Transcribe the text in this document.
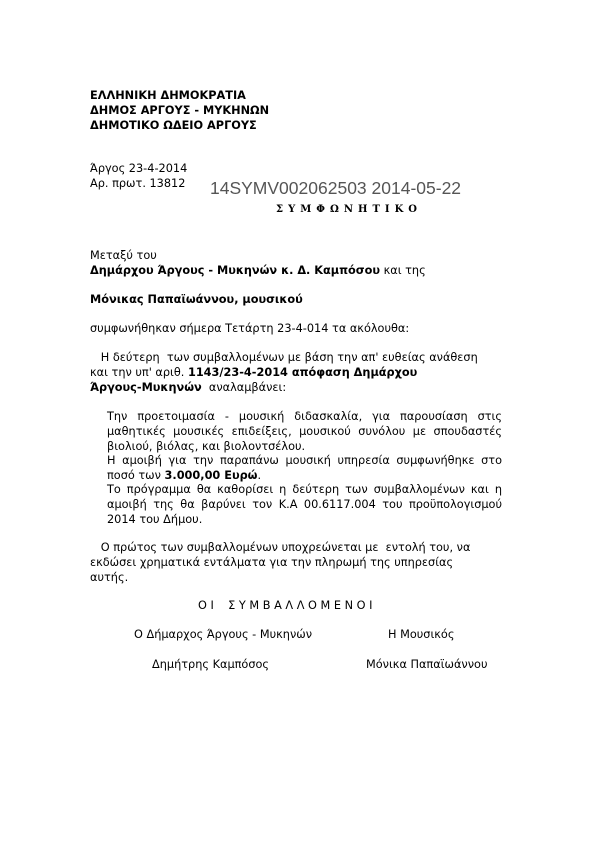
ΕΛΛΗΝΙΚΗ ΔΗΜΟΚΡΑΤΙΑ
ΔΗΜΟΣ ΑΡΓΟΥΣ - ΜΥΚΗΝΩΝ
ΔΗΜΟΤΙΚΟ ΩΔΕΙΟ ΑΡΓΟΥΣ
Άργος 23-4-2014
Αρ. πρωτ. 13812 14SYMV002062503 2014-05-22
ΣΥΜΦΩΝΗΤΙΚΟ
Μεταξύ του
Δημάρχου Άργους - Μυκηνών κ. Δ. Καμπόσου και της
Μόνικας Παπαϊωάννου, μουσικού
συμφωνήθηκαν σήμερα Τετάρτη 23-4-014 τα ακόλουθα:
Η δεύτερη  των συμβαλλομένων με βάση την απ' ευθείας ανάθεση
και την υπ' αριθ. 1143/23-4-2014 απόφαση Δημάρχου
Άργους-Μυκηνών  αναλαμβάνει:
Την προετοιμασία - μουσική διδασκαλία, για παρουσίαση στις μαθητικές μουσικές επιδείξεις, μουσικού συνόλου με σπουδαστές βιολιού, βιόλας, και βιολοντσέλου.
Η αμοιβή για την παραπάνω μουσική υπηρεσία συμφωνήθηκε στο ποσό των 3.000,00 Ευρώ.
Το πρόγραμμα θα καθορίσει η δεύτερη των συμβαλλομένων και η αμοιβή της θα βαρύνει τον Κ.Α 00.6117.004 του προϋπολογισμού 2014 του Δήμου.
Ο πρώτος των συμβαλλομένων υποχρεώνεται με  εντολή του, να
εκδώσει χρηματικά εντάλματα για την πληρωμή της υπηρεσίας
αυτής.
Ο Ι    Σ Υ Μ Β Α Λ Λ Ο Μ Ε Ν Ο Ι
Ο Δήμαρχος Άργους - Μυκηνών	Η Μουσικός
Δημήτρης Καμπόσος	Μόνικα Παπαϊωάννου
